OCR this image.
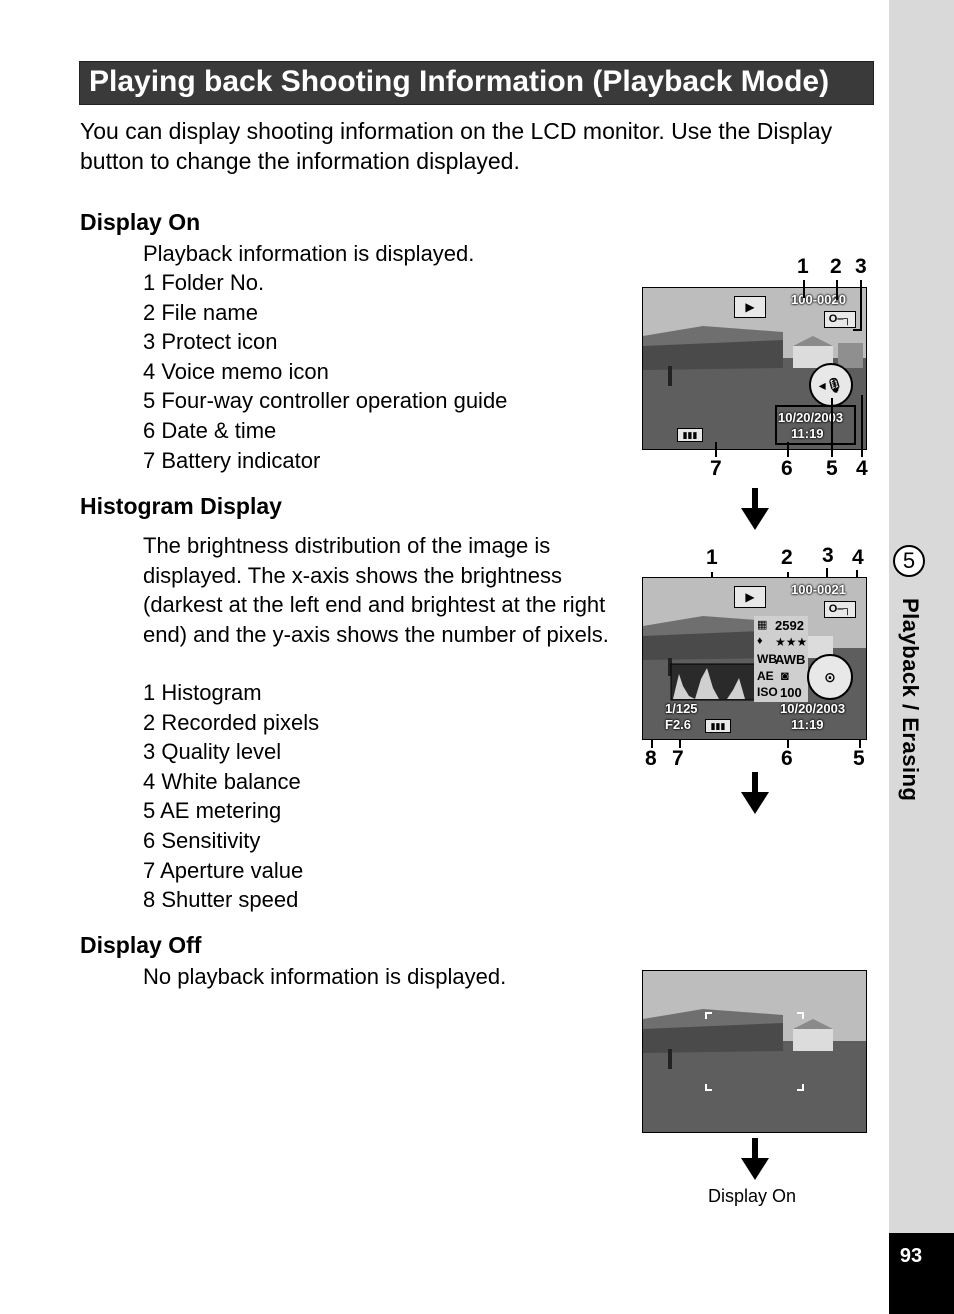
5
Playback / Erasing
93
Playing back Shooting Information (Playback Mode)

You can display shooting information on the LCD monitor. Use the Display button to change the information displayed.

Display On

Playback information is displayed.

1 Folder No.
2 File name
3 Protect icon
4 Voice memo icon
5 Four-way controller operation guide
6 Date & time
7 Battery indicator
Histogram Display

The brightness distribution of the image is displayed. The x-axis shows the brightness (darkest at the left end and brightest at the right end) and the y-axis shows the number of pixels.

1 Histogram
2 Recorded pixels
3 Quality level
4 White balance
5 AE metering
6 Sensitivity
7 Aperture value
8 Shutter speed
Display Off

No playback information is displayed.

▶	100-0020
O‒┐
◂🎙
10/20/2003
11:19
▮▮▮
1 2 3
7	6 5 4
▶	100-0021
O‒┐
▦ 2592
♦ ★★★
WB
AWB
AE ◙
ISO 100
⊙
1/125
F2.6	▮▮▮
10/20/2003
11:19
1	2 3 4
8 7	6	5
Display On
